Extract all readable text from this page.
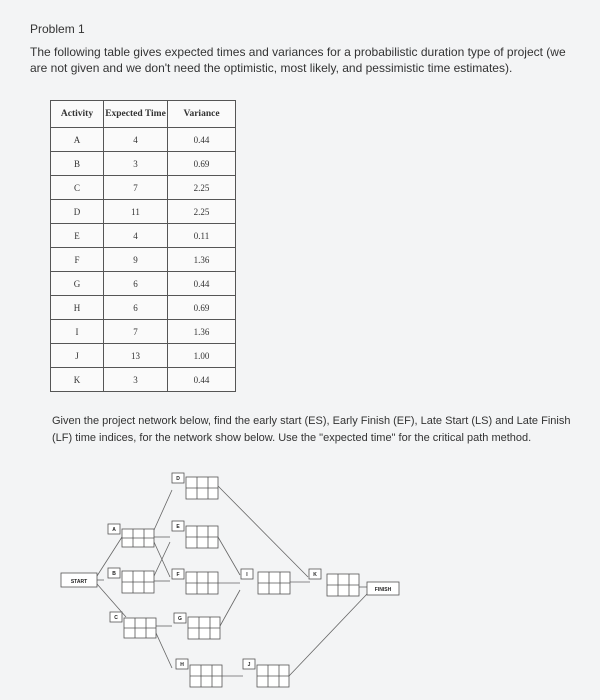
Problem 1
The following table gives expected times and variances for a probabilistic duration type of project (we are not given and we don't need the optimistic, most likely, and pessimistic time estimates).
Activity	Expected Time	Variance
A	4	0.44
B	3	0.69
C	7	2.25
D	11	2.25
E	4	0.11
F	9	1.36
G	6	0.44
H	6	0.69
I	7	1.36
J	13	1.00
K	3	0.44
Given the project network below, find the early start (ES), Early Finish (EF), Late Start (LS) and Late Finish (LF) time indices, for the network show below. Use the "expected time" for the critical path method.
START
FINISH
A
B
C
D
E
F
G
H
I
J
K
